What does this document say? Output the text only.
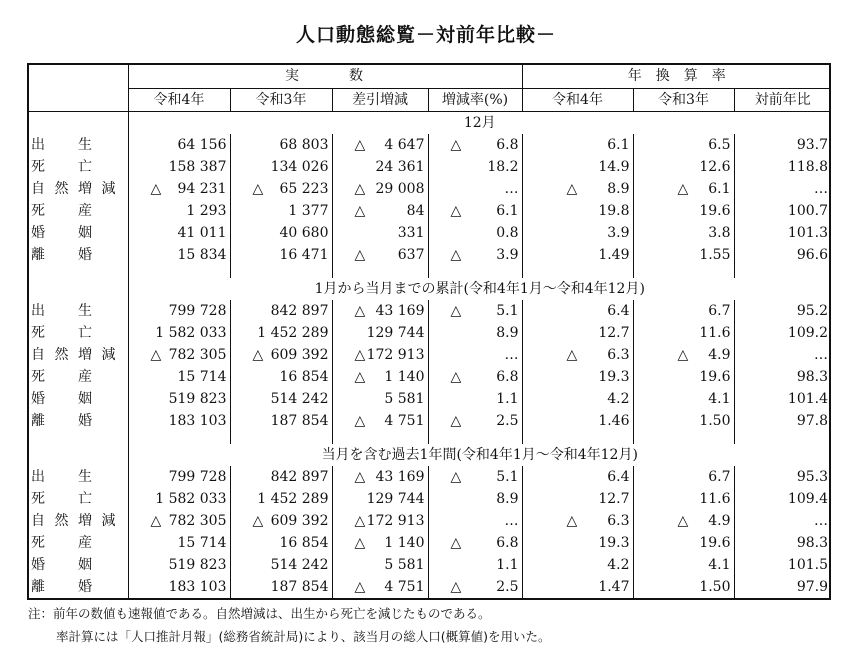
人口動態総覧－対前年比較－
	実　　　数				年　換　算　率		
	令和4年	令和3年	差引増減	増減率(%)	令和4年	令和3年	対前年比
	12月						

出 生	64 156	68 803	△ 4 647	△ 6.8	6.1	6.5	93.7

死 亡	158 387	134 026	24 361	18.2	14.9	12.6	118.8

自 然 増 減	△ 94 231	△ 65 223	△ 29 008	…	△ 8.9	△ 6.1	…

死 産	1 293	1 377	△ 84	△ 6.1	19.8	19.6	100.7

婚 姻	41 011	40 680	331	0.8	3.9	3.8	101.3

離 婚	15 834	16 471	△ 637	△ 3.9	1.49	1.55	96.6

	1月から当月までの累計(令和4年1月～令和4年12月)						

出 生	799 728	842 897	△ 43 169	△ 5.1	6.4	6.7	95.2

死 亡	1 582 033	1 452 289	129 744	8.9	12.7	11.6	109.2

自 然 増 減	△ 782 305	△ 609 392	△ 172 913	…	△ 6.3	△ 4.9	…

死 産	15 714	16 854	△ 1 140	△ 6.8	19.3	19.6	98.3

婚 姻	519 823	514 242	5 581	1.1	4.2	4.1	101.4

離 婚	183 103	187 854	△ 4 751	△ 2.5	1.46	1.50	97.8

	当月を含む過去1年間(令和4年1月～令和4年12月)						

出 生	799 728	842 897	△ 43 169	△ 5.1	6.4	6.7	95.3

死 亡	1 582 033	1 452 289	129 744	8.9	12.7	11.6	109.4

自 然 増 減	△ 782 305	△ 609 392	△ 172 913	…	△ 6.3	△ 4.9	…

死 産	15 714	16 854	△ 1 140	△ 6.8	19.3	19.6	98.3

婚 姻	519 823	514 242	5 581	1.1	4.2	4.1	101.5

離 婚	183 103	187 854	△ 4 751	△ 2.5	1.47	1.50	97.9
注：前年の数値も速報値である。自然増減は、出生から死亡を減じたものである。
率計算には「人口推計月報」(総務省統計局)により、該当月の総人口(概算値)を用いた。
